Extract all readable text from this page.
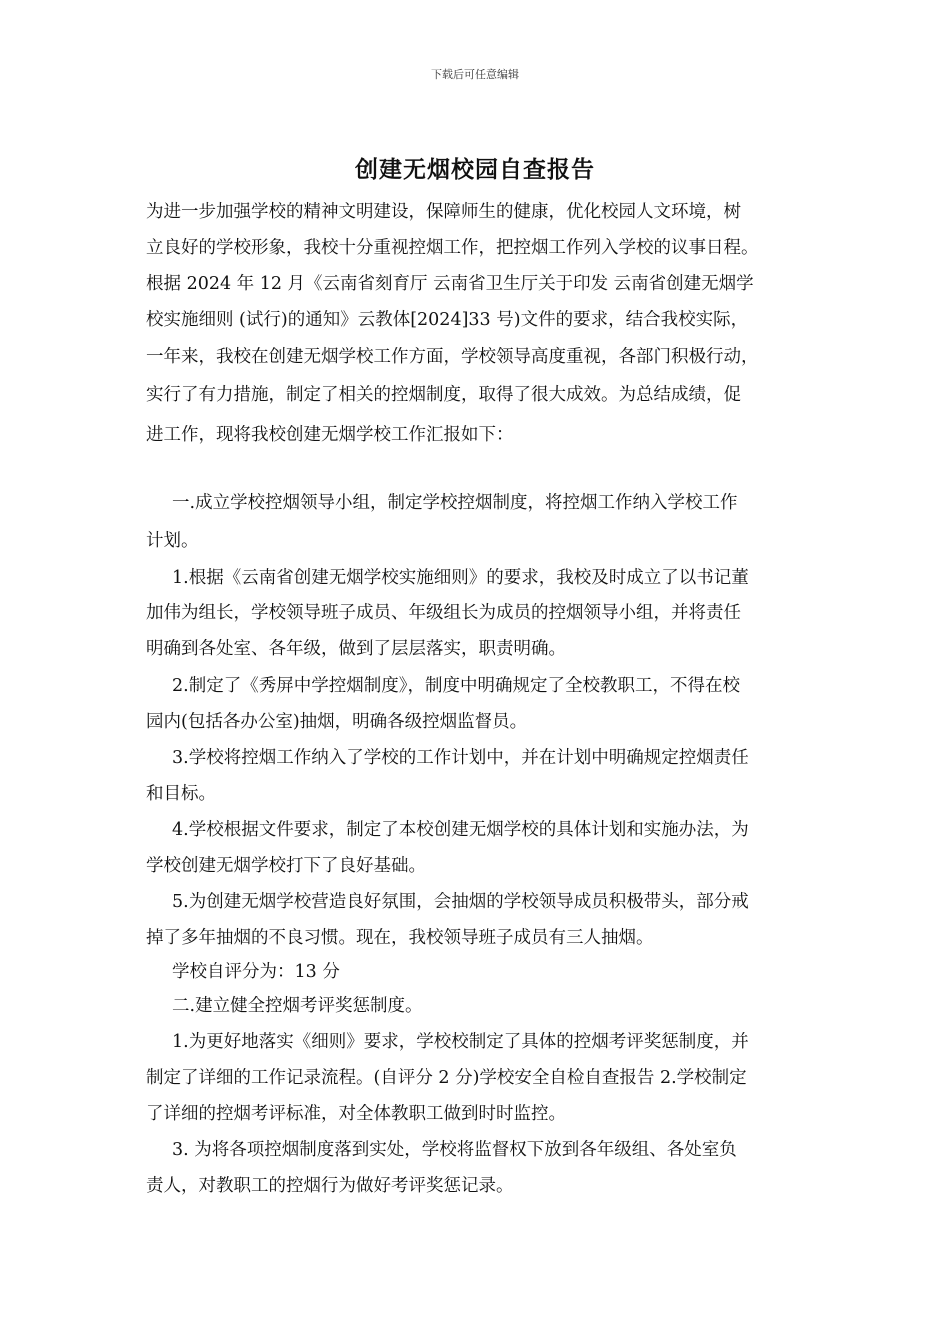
下载后可任意编辑
创建无烟校园自查报告
为进一步加强学校的精神文明建设，保障师生的健康，优化校园人文环境，树
立良好的学校形象，我校十分重视控烟工作，把控烟工作列入学校的议事日程。
根据 2024 年 12 月《云南省刻育厅 云南省卫生厅关于印发 云南省创建无烟学
校实施细则 (试行)的通知》云教体[2024]33 号)文件的要求，结合我校实际，
一年来，我校在创建无烟学校工作方面，学校领导高度重视，各部门积极行动，
实行了有力措施，制定了相关的控烟制度，取得了很大成效。为总结成绩，促
进工作，现将我校创建无烟学校工作汇报如下：
一.成立学校控烟领导小组，制定学校控烟制度，将控烟工作纳入学校工作
计划。
1.根据《云南省创建无烟学校实施细则》的要求，我校及时成立了以书记董
加伟为组长，学校领导班子成员、年级组长为成员的控烟领导小组，并将责任
明确到各处室、各年级，做到了层层落实，职责明确。
2.制定了《秀屏中学控烟制度》，制度中明确规定了全校教职工，不得在校
园内(包括各办公室)抽烟，明确各级控烟监督员。
3.学校将控烟工作纳入了学校的工作计划中，并在计划中明确规定控烟责任
和目标。
4.学校根据文件要求，制定了本校创建无烟学校的具体计划和实施办法，为
学校创建无烟学校打下了良好基础。
5.为创建无烟学校营造良好氛围，会抽烟的学校领导成员积极带头，部分戒
掉了多年抽烟的不良习惯。现在，我校领导班子成员有三人抽烟。
学校自评分为：13 分
二.建立健全控烟考评奖惩制度。
1.为更好地落实《细则》要求，学校校制定了具体的控烟考评奖惩制度，并
制定了详细的工作记录流程。(自评分 2 分)学校安全自检自查报告 2.学校制定
了详细的控烟考评标准，对全体教职工做到时时监控。
3. 为将各项控烟制度落到实处，学校将监督权下放到各年级组、各处室负
责人，对教职工的控烟行为做好考评奖惩记录。
